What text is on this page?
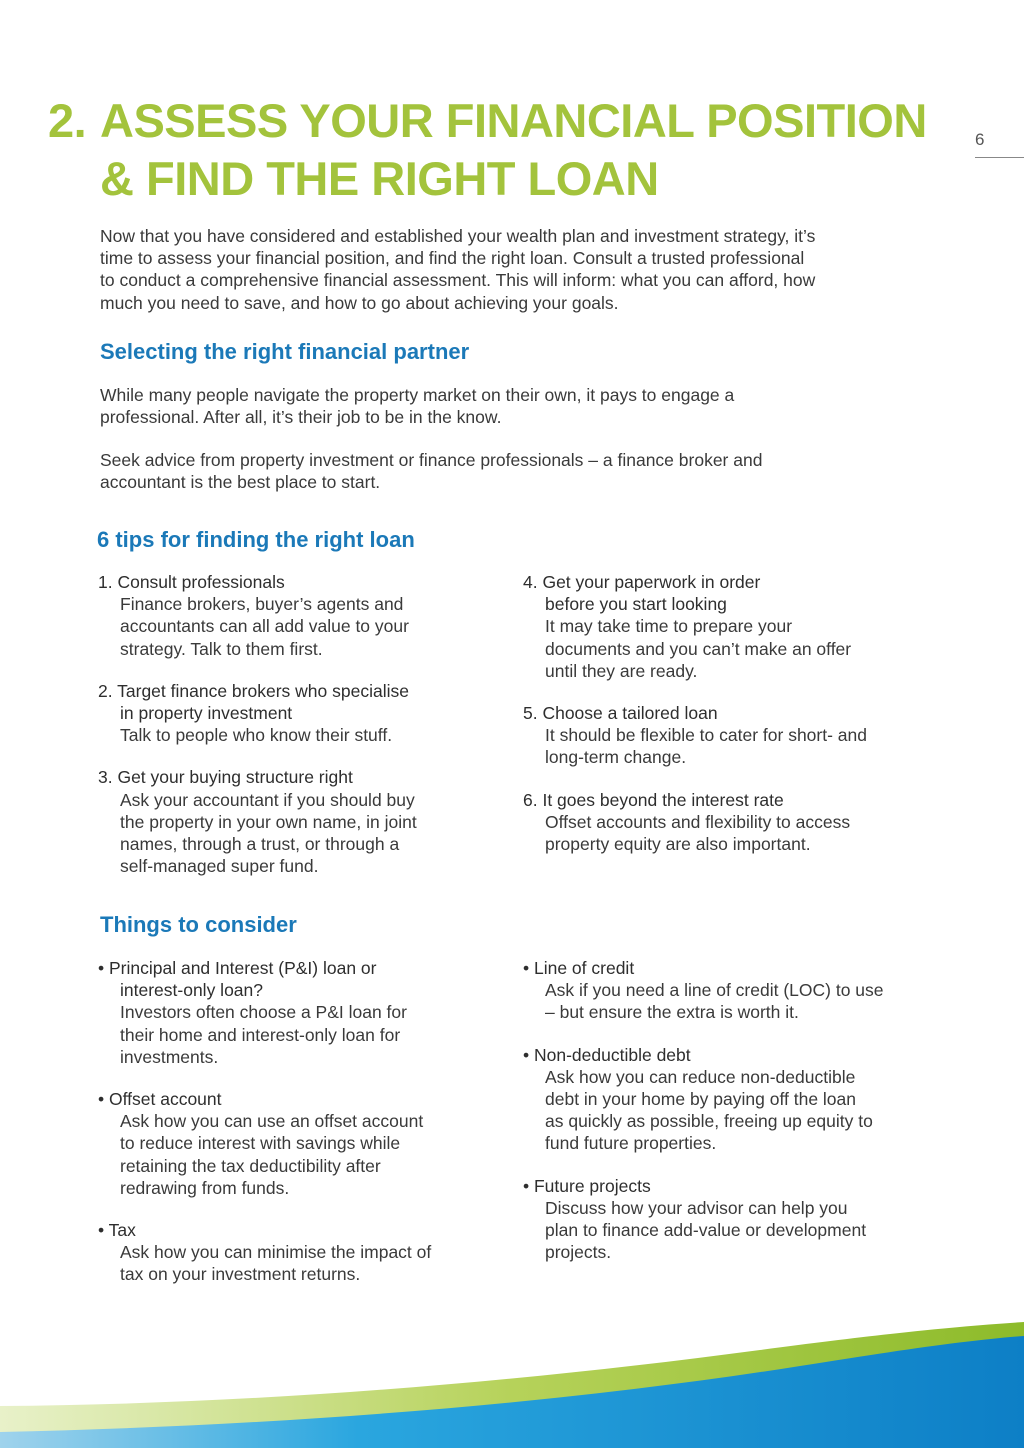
6
2. ASSESS YOUR FINANCIAL POSITION
& FIND THE RIGHT LOAN
Now that you have considered and established your wealth plan and investment strategy, it’s
time to assess your financial position, and find the right loan. Consult a trusted professional
to conduct a comprehensive financial assessment. This will inform: what you can afford, how
much you need to save, and how to go about achieving your goals.
Selecting the right financial partner
While many people navigate the property market on their own, it pays to engage a
professional. After all, it’s their job to be in the know.
Seek advice from property investment or finance professionals – a finance broker and
accountant is the best place to start.
6 tips for finding the right loan
1. Consult professionals
Finance brokers, buyer’s agents and
accountants can all add value to your
strategy. Talk to them first.
2. Target finance brokers who specialise
in property investment
Talk to people who know their stuff.
3. Get your buying structure right
Ask your accountant if you should buy
the property in your own name, in joint
names, through a trust, or through a
self-managed super fund.
4. Get your paperwork in order
before you start looking
It may take time to prepare your
documents and you can’t make an offer
until they are ready.
5. Choose a tailored loan
It should be flexible to cater for short- and
long-term change.
6. It goes beyond the interest rate
Offset accounts and flexibility to access
property equity are also important.
Things to consider
• Principal and Interest (P&I) loan or
interest-only loan?
Investors often choose a P&I loan for
their home and interest-only loan for
investments.
• Offset account
Ask how you can use an offset account
to reduce interest with savings while
retaining the tax deductibility after
redrawing from funds.
• Tax
Ask how you can minimise the impact of
tax on your investment returns.
• Line of credit
Ask if you need a line of credit (LOC) to use
– but ensure the extra is worth it.
• Non-deductible debt
Ask how you can reduce non-deductible
debt in your home by paying off the loan
as quickly as possible, freeing up equity to
fund future properties.
• Future projects
Discuss how your advisor can help you
plan to finance add-value or development
projects.
